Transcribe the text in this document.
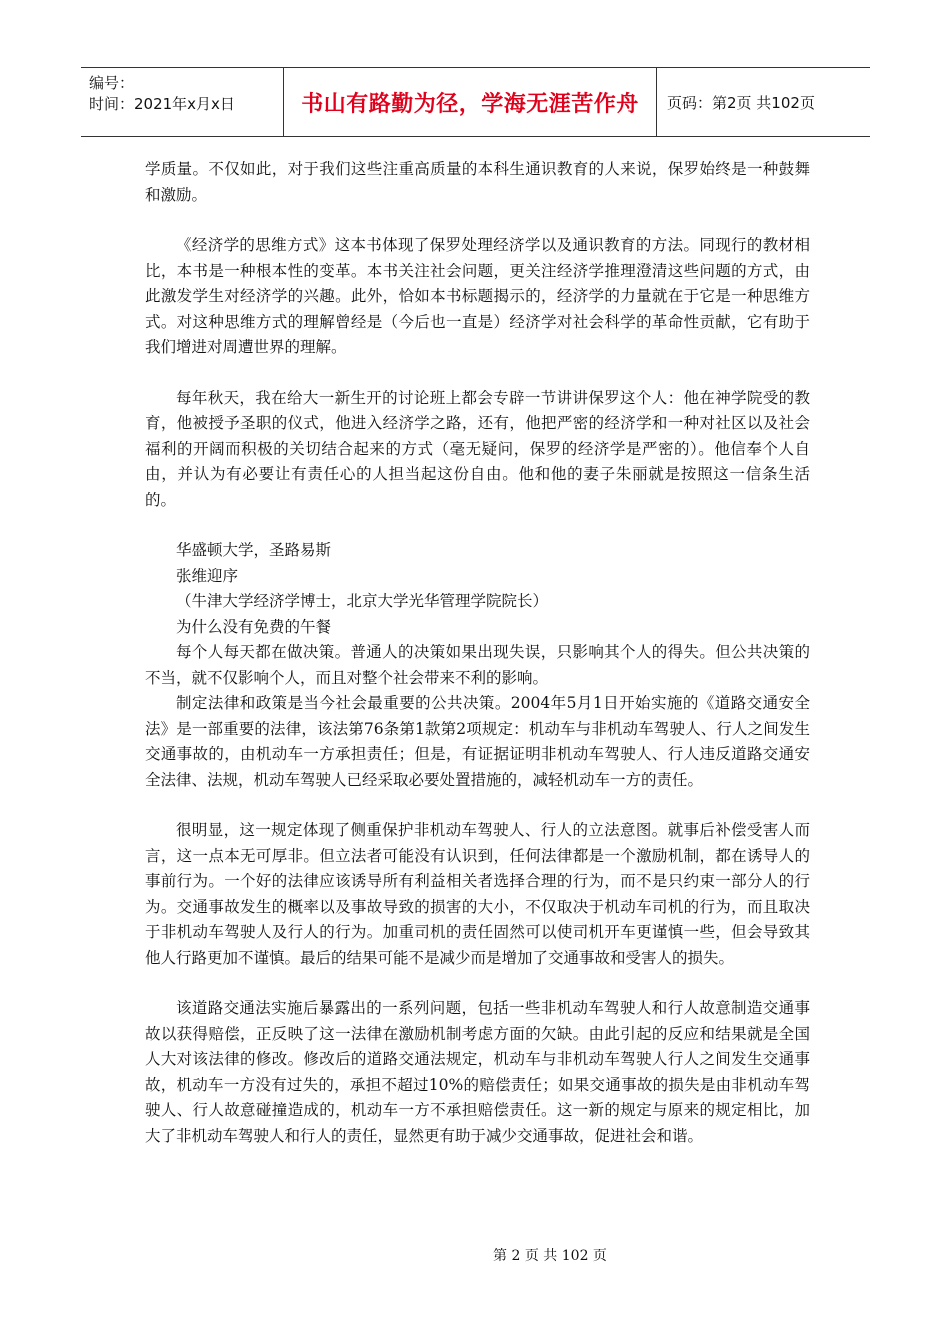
编号：
时间：2021年x月x日	书山有路勤为径，学海无涯苦作舟 页码：第2页 共102页

学质量。不仅如此，对于我们这些注重高质量的本科生通识教育的人来说，保罗始终是一种鼓舞和激励。

《经济学的思维方式》这本书体现了保罗处理经济学以及通识教育的方法。同现行的教材相比，本书是一种根本性的变革。本书关注社会问题，更关注经济学推理澄清这些问题的方式，由此激发学生对经济学的兴趣。此外，恰如本书标题揭示的，经济学的力量就在于它是一种思维方式。对这种思维方式的理解曾经是（今后也一直是）经济学对社会科学的革命性贡献，它有助于我们增进对周遭世界的理解。

每年秋天，我在给大一新生开的讨论班上都会专辟一节讲讲保罗这个人：他在神学院受的教育，他被授予圣职的仪式，他进入经济学之路，还有，他把严密的经济学和一种对社区以及社会福利的开阔而积极的关切结合起来的方式（毫无疑问，保罗的经济学是严密的）。他信奉个人自由，并认为有必要让有责任心的人担当起这份自由。他和他的妻子朱丽就是按照这一信条生活的。

华盛顿大学，圣路易斯

张维迎序

（牛津大学经济学博士，北京大学光华管理学院院长）

为什么没有免费的午餐

每个人每天都在做决策。普通人的决策如果出现失误，只影响其个人的得失。但公共决策的不当，就不仅影响个人，而且对整个社会带来不利的影响。

制定法律和政策是当今社会最重要的公共决策。2004年5月1日开始实施的《道路交通安全法》是一部重要的法律，该法第76条第1款第2项规定：机动车与非机动车驾驶人、行人之间发生交通事故的，由机动车一方承担责任；但是，有证据证明非机动车驾驶人、行人违反道路交通安全法律、法规，机动车驾驶人已经采取必要处置措施的，减轻机动车一方的责任。

很明显，这一规定体现了侧重保护非机动车驾驶人、行人的立法意图。就事后补偿受害人而言，这一点本无可厚非。但立法者可能没有认识到，任何法律都是一个激励机制，都在诱导人的事前行为。一个好的法律应该诱导所有利益相关者选择合理的行为，而不是只约束一部分人的行为。交通事故发生的概率以及事故导致的损害的大小，不仅取决于机动车司机的行为，而且取决于非机动车驾驶人及行人的行为。加重司机的责任固然可以使司机开车更谨慎一些，但会导致其他人行路更加不谨慎。最后的结果可能不是减少而是增加了交通事故和受害人的损失。

该道路交通法实施后暴露出的一系列问题，包括一些非机动车驾驶人和行人故意制造交通事故以获得赔偿，正反映了这一法律在激励机制考虑方面的欠缺。由此引起的反应和结果就是全国人大对该法律的修改。修改后的道路交通法规定，机动车与非机动车驾驶人行人之间发生交通事故，机动车一方没有过失的，承担不超过10%的赔偿责任；如果交通事故的损失是由非机动车驾驶人、行人故意碰撞造成的，机动车一方不承担赔偿责任。这一新的规定与原来的规定相比，加大了非机动车驾驶人和行人的责任，显然更有助于减少交通事故，促进社会和谐。

第 2 页 共 102 页
